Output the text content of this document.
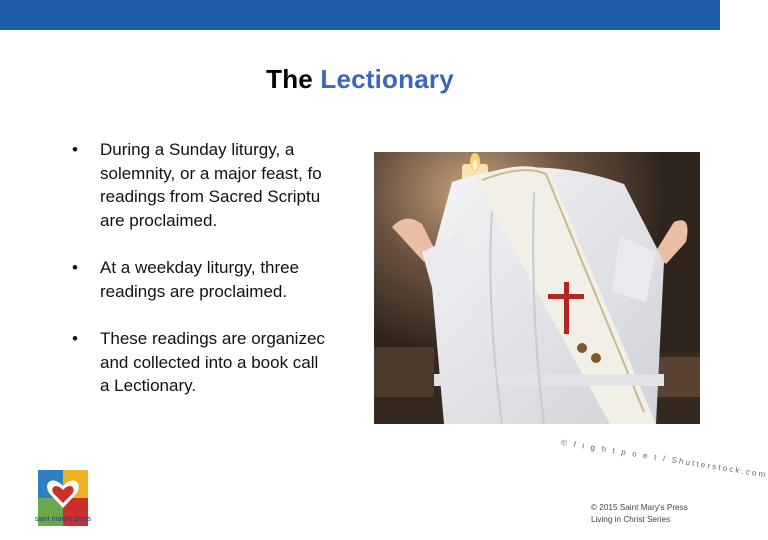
The Lectionary
• During a Sunday liturgy, a
solemnity, or a major feast, fo
readings from Sacred Scriptu
are proclaimed.
• At a weekday liturgy, three
readings are proclaimed.
• These readings are organizec
and collected into a book call
a Lectionary.
© f i g h t p o e t / Shutterstock.com
saint mary's press
© 2015 Saint Mary's Press
Living in Christ Series
